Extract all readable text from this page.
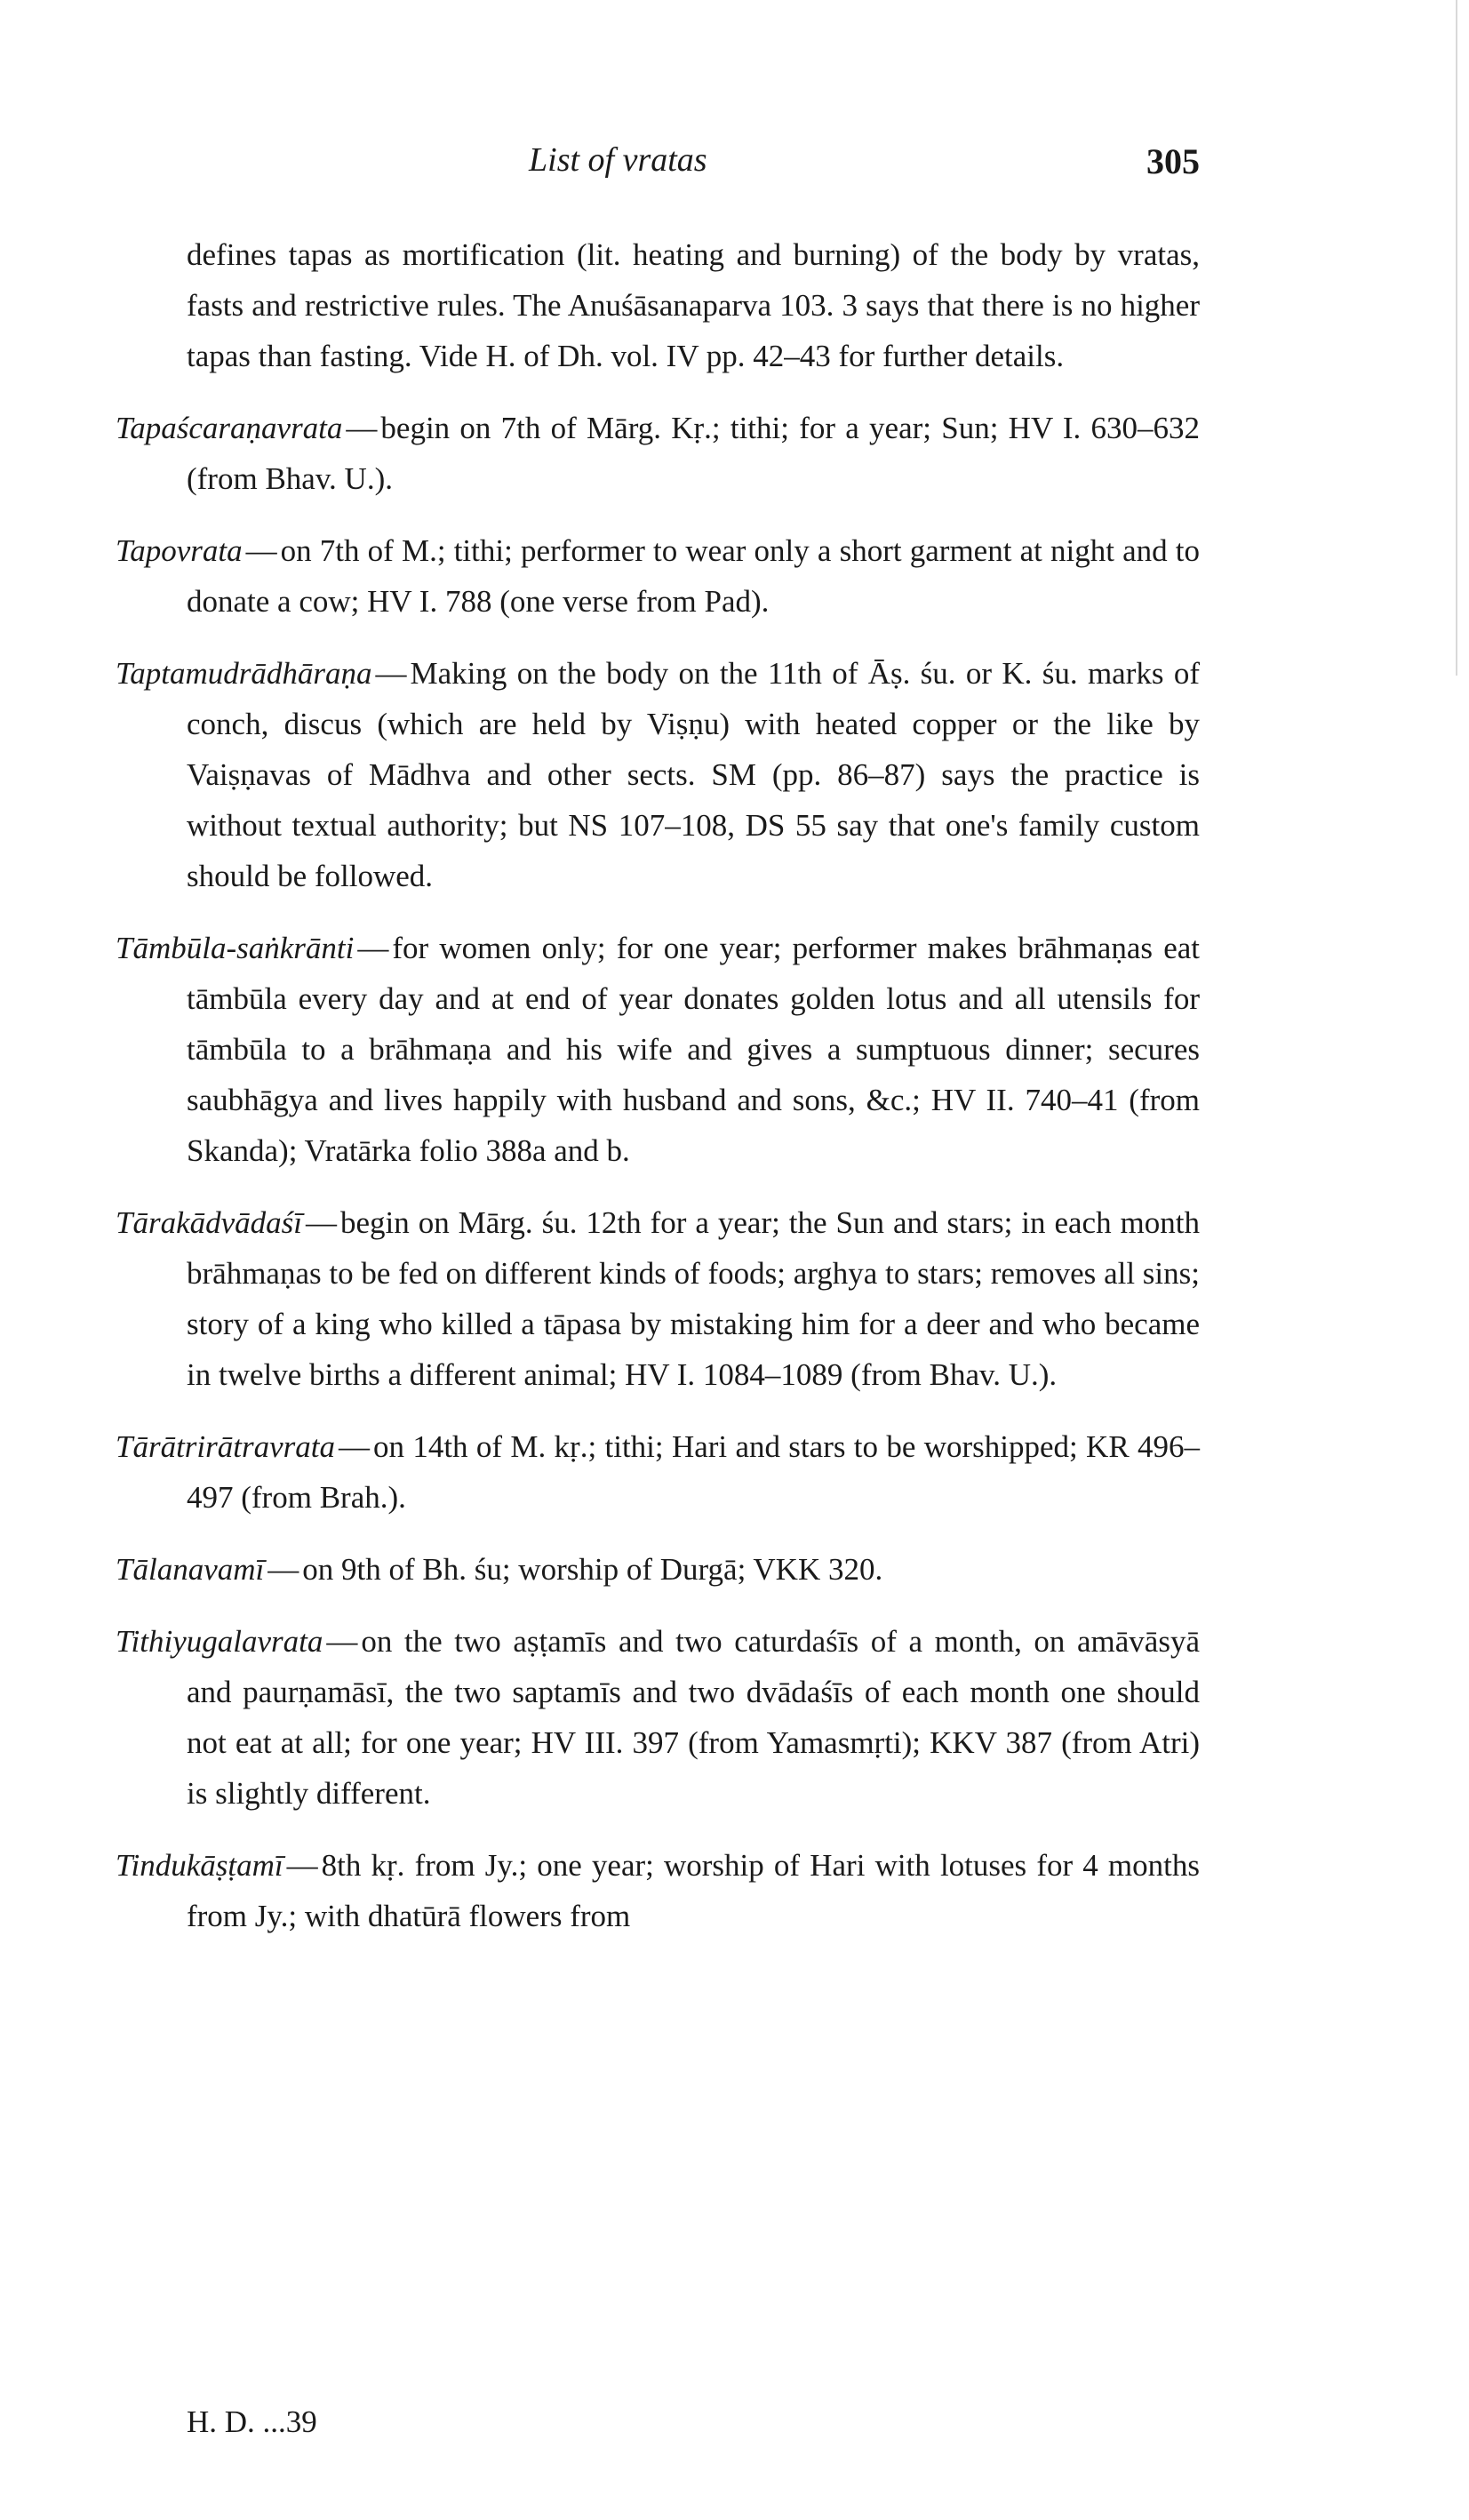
List of vratas	305

defines tapas as mortification (lit. heating and burning) of the body by vratas, fasts and restrictive rules. The Anuśāsanaparva 103. 3 says that there is no higher tapas than fasting. Vide H. of Dh. vol. IV pp. 42–43 for further details.

Tapaścaraṇavrata — begin on 7th of Mārg. Kṛ.; tithi; for a year; Sun; HV I. 630–632 (from Bhav. U.).

Tapovrata — on 7th of M.; tithi; performer to wear only a short garment at night and to donate a cow; HV I. 788 (one verse from Pad).

Taptamudrādhāraṇa — Making on the body on the 11th of Āṣ. śu. or K. śu. marks of conch, discus (which are held by Viṣṇu) with heated copper or the like by Vaiṣṇavas of Mādhva and other sects. SM (pp. 86–87) says the practice is without textual authority; but NS 107–108, DS 55 say that one's family custom should be followed.

Tāmbūla-saṅkrānti — for women only; for one year; performer makes brāhmaṇas eat tāmbūla every day and at end of year donates golden lotus and all utensils for tāmbūla to a brāhmaṇa and his wife and gives a sumptuous dinner; secures saubhāgya and lives happily with husband and sons, &c.; HV II. 740–41 (from Skanda); Vratārka folio 388a and b.

Tārakādvādaśī — begin on Mārg. śu. 12th for a year; the Sun and stars; in each month brāhmaṇas to be fed on different kinds of foods; arghya to stars; removes all sins; story of a king who killed a tāpasa by mistaking him for a deer and who became in twelve births a different animal; HV I. 1084–1089 (from Bhav. U.).

Tārātrirātravrata — on 14th of M. kṛ.; tithi; Hari and stars to be worshipped; KR 496–497 (from Brah.).

Tālanavamī — on 9th of Bh. śu; worship of Durgā; VKK 320.

Tithiyugalavrata — on the two aṣṭamīs and two caturdaśīs of a month, on amāvāsyā and paurṇamāsī, the two saptamīs and two dvādaśīs of each month one should not eat at all; for one year; HV III. 397 (from Yamasmṛti); KKV 387 (from Atri) is slightly different.

Tindukāṣṭamī — 8th kṛ. from Jy.; one year; worship of Hari with lotuses for 4 months from Jy.; with dhatūrā flowers from

H. D. ...39
